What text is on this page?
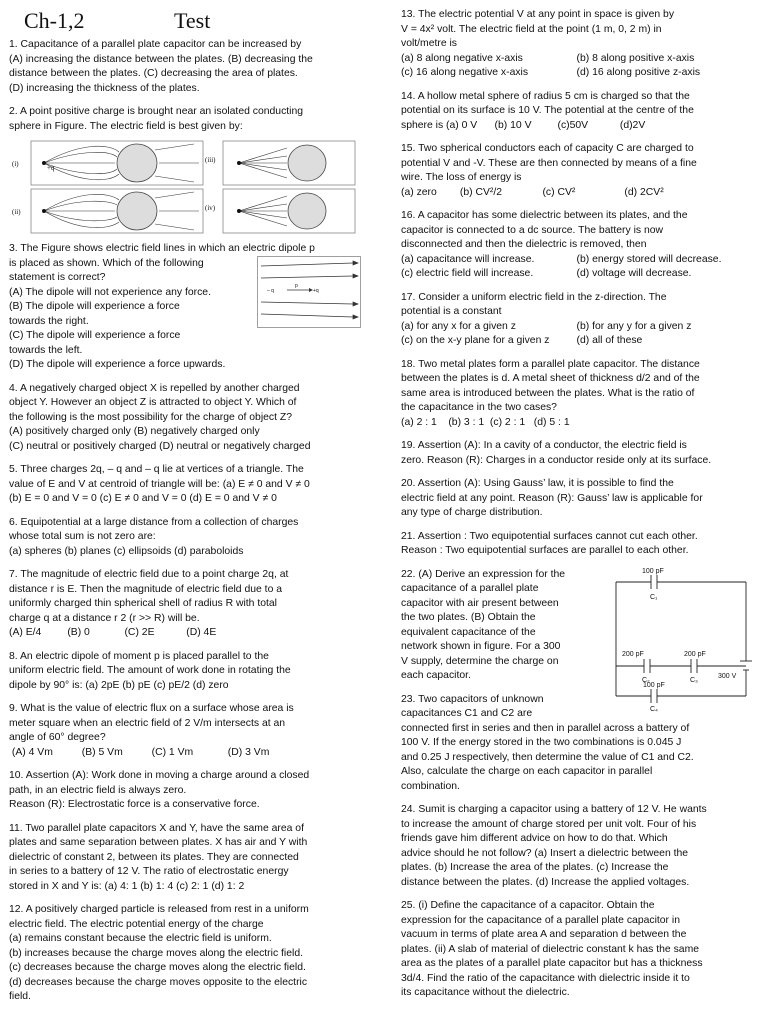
Ch-1,2	Test
1. Capacitance of a parallel plate capacitor can be increased by
(A) increasing the distance between the plates. (B) decreasing the
distance between the plates. (C) decreasing the area of plates.
(D) increasing the thickness of the plates.
2. A point positive charge is brought near an isolated conducting
sphere in Figure. The electric field is best given by:
(i)
(ii)
(iii)
(iv)
+q
3. The Figure shows electric field lines in which an electric dipole p
is placed as shown. Which of the following
statement is correct?
(A) The dipole will not experience any force.
(B) The dipole will experience a force
towards the right.
(C) The dipole will experience a force
towards the left.
(D) The dipole will experience a force upwards.
– q	+q
p
4. A negatively charged object X is repelled by another charged
object Y. However an object Z is attracted to object Y. Which of
the following is the most possibility for the charge of object Z?
(A) positively charged only (B) negatively charged only
(C) neutral or positively charged (D) neutral or negatively charged
5. Three charges 2q, – q and – q lie at vertices of a triangle. The
value of E and V at centroid of triangle will be: (a) E ≠ 0 and V ≠ 0
(b) E = 0 and V = 0 (c) E ≠ 0 and V = 0 (d) E = 0 and V ≠ 0
6. Equipotential at a large distance from a collection of charges
whose total sum is not zero are:
(a) spheres (b) planes (c) ellipsoids (d) paraboloids
7. The magnitude of electric field due to a point charge 2q, at
distance r is E. Then the magnitude of electric field due to a
uniformly charged thin spherical shell of radius R with total
charge q at a distance r 2 (r >> R) will be.
(A) E/4         (B) 0            (C) 2E           (D) 4E
8. An electric dipole of moment p is placed parallel to the
uniform electric field. The amount of work done in rotating the
dipole by 90° is: (a) 2pE (b) pE (c) pE/2 (d) zero
9. What is the value of electric flux on a surface whose area is
meter square when an electric field of 2 V/m intersects at an
angle of 60° degree?
(A) 4 Vm          (B) 5 Vm          (C) 1 Vm            (D) 3 Vm
10. Assertion (A): Work done in moving a charge around a closed
path, in an electric field is always zero.
Reason (R): Electrostatic force is a conservative force.
11. Two parallel plate capacitors X and Y, have the same area of
plates and same separation between plates. X has air and Y with
dielectric of constant 2, between its plates. They are connected
in series to a battery of 12 V. The ratio of electrostatic energy
stored in X and Y is: (a) 4: 1 (b) 1: 4 (c) 2: 1 (d) 1: 2
12. A positively charged particle is released from rest in a uniform
electric field. The electric potential energy of the charge
(a) remains constant because the electric field is uniform.
(b) increases because the charge moves along the electric field.
(c) decreases because the charge moves along the electric field.
(d) decreases because the charge moves opposite to the electric
field.
13. The electric potential V at any point in space is given by
V = 4x² volt. The electric field at the point (1 m, 0, 2 m) in
volt/metre is
(a) 8 along negative x-axis	(b) 8 along positive x-axis
(c) 16 along negative x-axis	(d) 16 along positive z-axis
14. A hollow metal sphere of radius 5 cm is charged so that the
potential on its surface is 10 V. The potential at the centre of the
sphere is (a) 0 V      (b) 10 V         (c)50V           (d)2V
15. Two spherical conductors each of capacity C are charged to
potential V and -V. These are then connected by means of a fine
wire. The loss of energy is
(a) zero        (b) CV²/2              (c) CV²                 (d) 2CV²
16. A capacitor has some dielectric between its plates, and the
capacitor is connected to a dc source. The battery is now
disconnected and then the dielectric is removed, then
(a) capacitance will increase.	(b) energy stored will decrease.
(c) electric field will increase.	(d) voltage will decrease.
17. Consider a uniform electric field in the z-direction. The
potential is a constant
(a) for any x for a given z	(b) for any y for a given z
(c) on the x-y plane for a given z	(d) all of these
18. Two metal plates form a parallel plate capacitor. The distance
between the plates is d. A metal sheet of thickness d/2 and of the
same area is introduced between the plates. What is the ratio of
the capacitance in the two cases?
(a) 2 : 1    (b) 3 : 1  (c) 2 : 1   (d) 5 : 1
19. Assertion (A): In a cavity of a conductor, the electric field is
zero. Reason (R): Charges in a conductor reside only at its surface.
20. Assertion (A): Using Gauss’ law, it is possible to find the
electric field at any point. Reason (R): Gauss’ law is applicable for
any type of charge distribution.
21. Assertion : Two equipotential surfaces cannot cut each other.
Reason : Two equipotential surfaces are parallel to each other.
22. (A) Derive an expression for the
capacitance of a parallel plate
capacitor with air present between
the two plates. (B) Obtain the
equivalent capacitance of the
network shown in figure. For a 300
V supply, determine the charge on
each capacitor.
100 pF
C₁
200 pF
C₂
200 pF
C₃
100 pF
C₄
300 V
23. Two capacitors of unknown
capacitances C1 and C2 are
connected first in series and then in parallel across a battery of
100 V. If the energy stored in the two combinations is 0.045 J
and 0.25 J respectively, then determine the value of C1 and C2.
Also, calculate the charge on each capacitor in parallel
combination.
24. Sumit is charging a capacitor using a battery of 12 V. He wants
to increase the amount of charge stored per unit volt. Four of his
friends gave him different advice on how to do that. Which
advice should he not follow? (a) Insert a dielectric between the
plates. (b) Increase the area of the plates. (c) Increase the
distance between the plates. (d) Increase the applied voltages.
25. (i) Define the capacitance of a capacitor. Obtain the
expression for the capacitance of a parallel plate capacitor in
vacuum in terms of plate area A and separation d between the
plates. (ii) A slab of material of dielectric constant k has the same
area as the plates of a parallel plate capacitor but has a thickness
3d/4. Find the ratio of the capacitance with dielectric inside it to
its capacitance without the dielectric.
